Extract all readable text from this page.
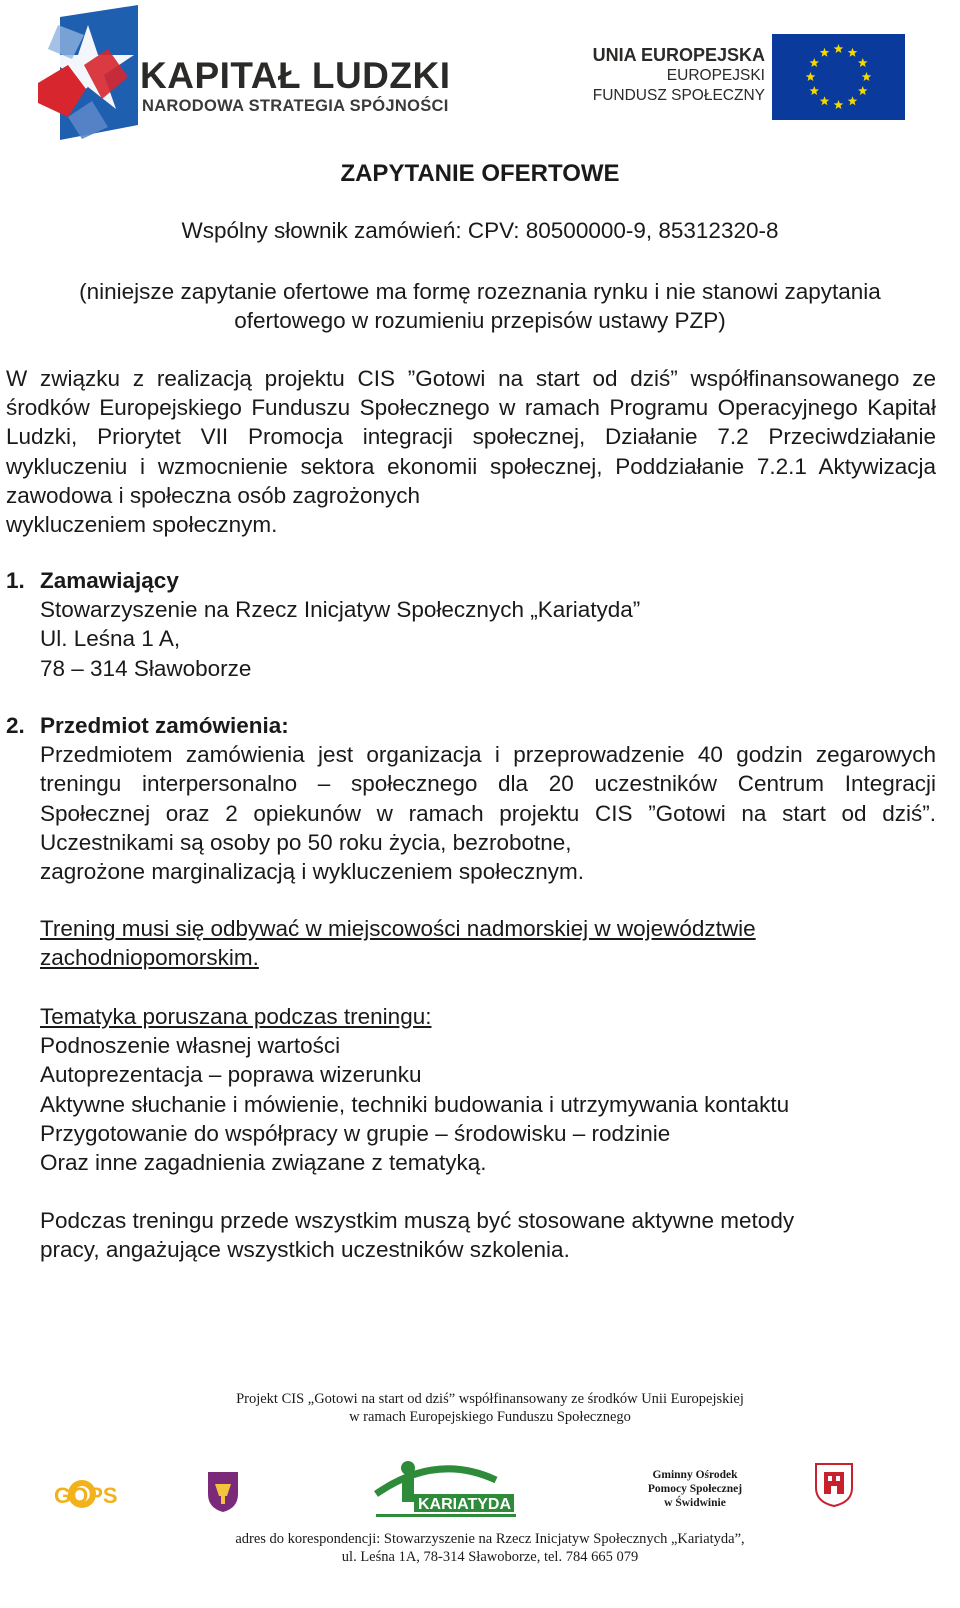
KAPITAŁ LUDZKI
NARODOWA STRATEGIA SPÓJNOŚCI
UNIA EUROPEJSKA
EUROPEJSKI
FUNDUSZ SPOŁECZNY
ZAPYTANIE OFERTOWE
Wspólny słownik zamówień: CPV: 80500000-9, 85312320-8
(niniejsze zapytanie ofertowe ma formę rozeznania rynku i nie stanowi zapytania
ofertowego w rozumieniu przepisów ustawy PZP)
W związku z realizacją projektu CIS ”Gotowi na start od dziś” współfinansowanego ze środków Europejskiego Funduszu Społecznego w ramach Programu Operacyjnego Kapitał Ludzki, Priorytet VII Promocja integracji społecznej, Działanie 7.2 Przeciwdziałanie wykluczeniu i wzmocnienie sektora ekonomii społecznej, Poddziałanie 7.2.1 Aktywizacja zawodowa i społeczna osób zagrożonych
wykluczeniem społecznym.
1. Zamawiający
Stowarzyszenie na Rzecz Inicjatyw Społecznych „Kariatyda”
Ul. Leśna 1 A,
78 – 314 Sławoborze
2. Przedmiot zamówienia:
Przedmiotem zamówienia jest organizacja i przeprowadzenie 40 godzin zegarowych treningu interpersonalno – społecznego dla 20 uczestników Centrum Integracji Społecznej oraz 2 opiekunów w ramach projektu CIS ”Gotowi na start od dziś”. Uczestnikami są osoby po 50 roku życia, bezrobotne,
zagrożone marginalizacją i wykluczeniem społecznym.
Trening musi się odbywać w miejscowości nadmorskiej w województwie
zachodniopomorskim.
Tematyka poruszana podczas treningu:
Podnoszenie własnej wartości
Autoprezentacja – poprawa wizerunku
Aktywne słuchanie i mówienie, techniki budowania i utrzymywania kontaktu
Przygotowanie do współpracy w grupie – środowisku – rodzinie
Oraz inne zagadnienia związane z tematyką.
Podczas treningu przede wszystkim muszą być stosowane aktywne metody
pracy, angażujące wszystkich uczestników szkolenia.
Projekt CIS „Gotowi na start od dziś” współfinansowany ze środków Unii Europejskiej
w ramach Europejskiego Funduszu Społecznego
GOPS	KARIATYDA
Gminny Ośrodek
Pomocy Społecznej
w Świdwinie
adres do korespondencji: Stowarzyszenie na Rzecz Inicjatyw Społecznych „Kariatyda”,
ul. Leśna 1A, 78-314 Sławoborze, tel. 784 665 079
